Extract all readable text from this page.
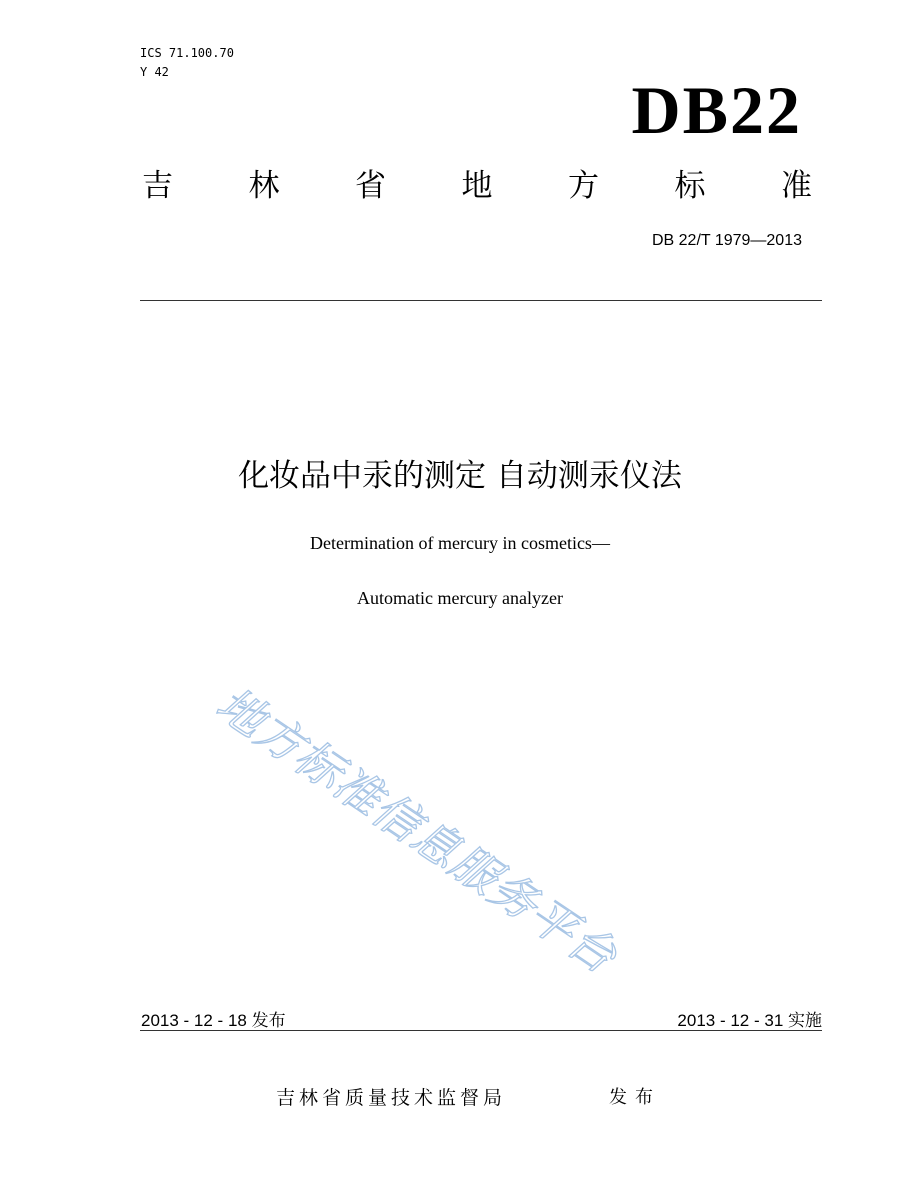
ICS 71.100.70
Y 42	DB22
吉 林 省 地 方 标 准
DB 22/T 1979—2013
化妆品中汞的测定 自动测汞仪法
Determination of mercury in cosmetics—
Automatic mercury analyzer
地方标准信息服务平台
2013 - 12 - 18 发布	2013 - 12 - 31 实施
吉林省质量技术监督局	发布
